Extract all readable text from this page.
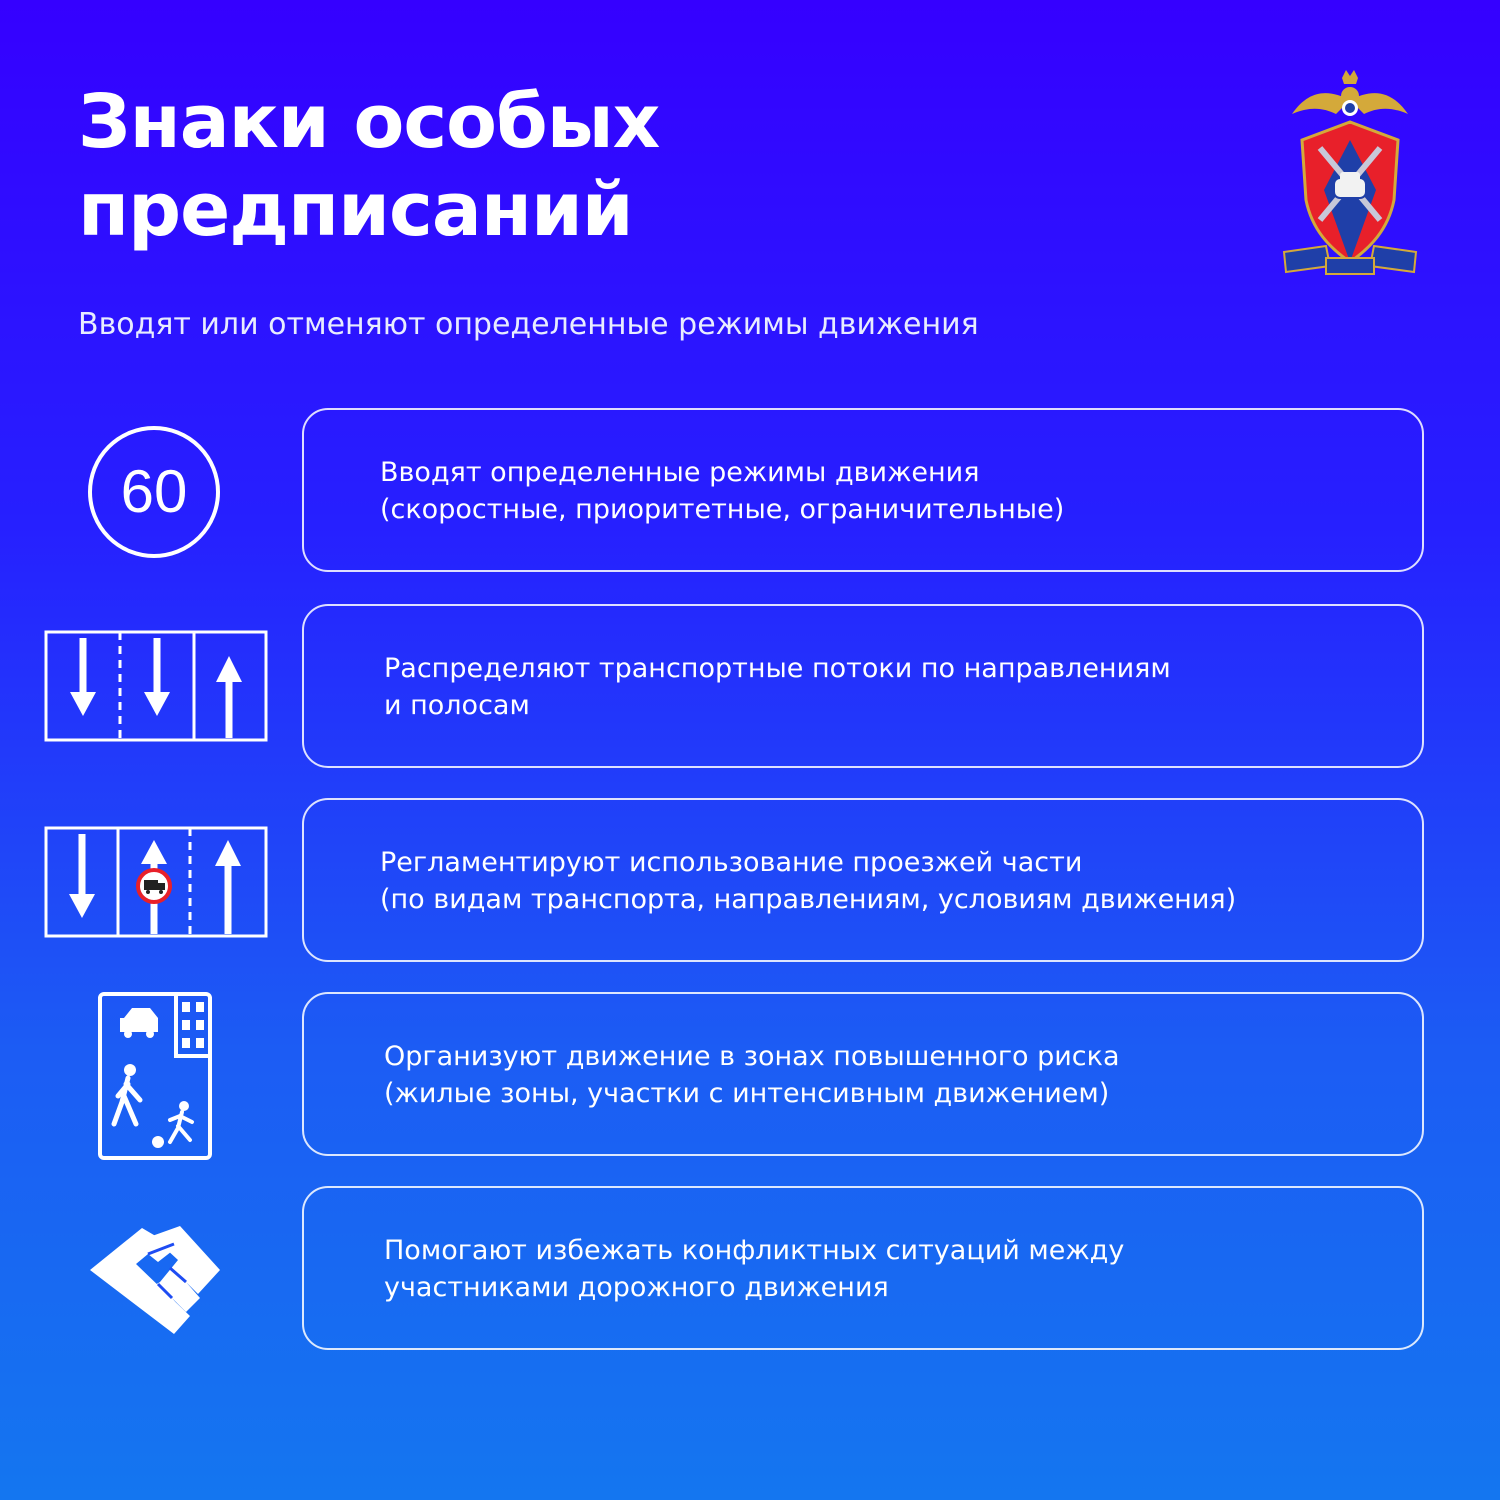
Знаки особых
предписаний

Вводят или отменяют определенные режимы движения

60	Вводят определенные режимы движения
(скоростные, приоритетные, ограничительные)

Распределяют транспортные потоки по направлениям
и полосам

Регламентируют использование проезжей части
(по видам транспорта, направлениям, условиям движения)

Организуют движение в зонах повышенного риска
(жилые зоны, участки с интенсивным движением)

Помогают избежать конфликтных ситуаций между
участниками дорожного движения
